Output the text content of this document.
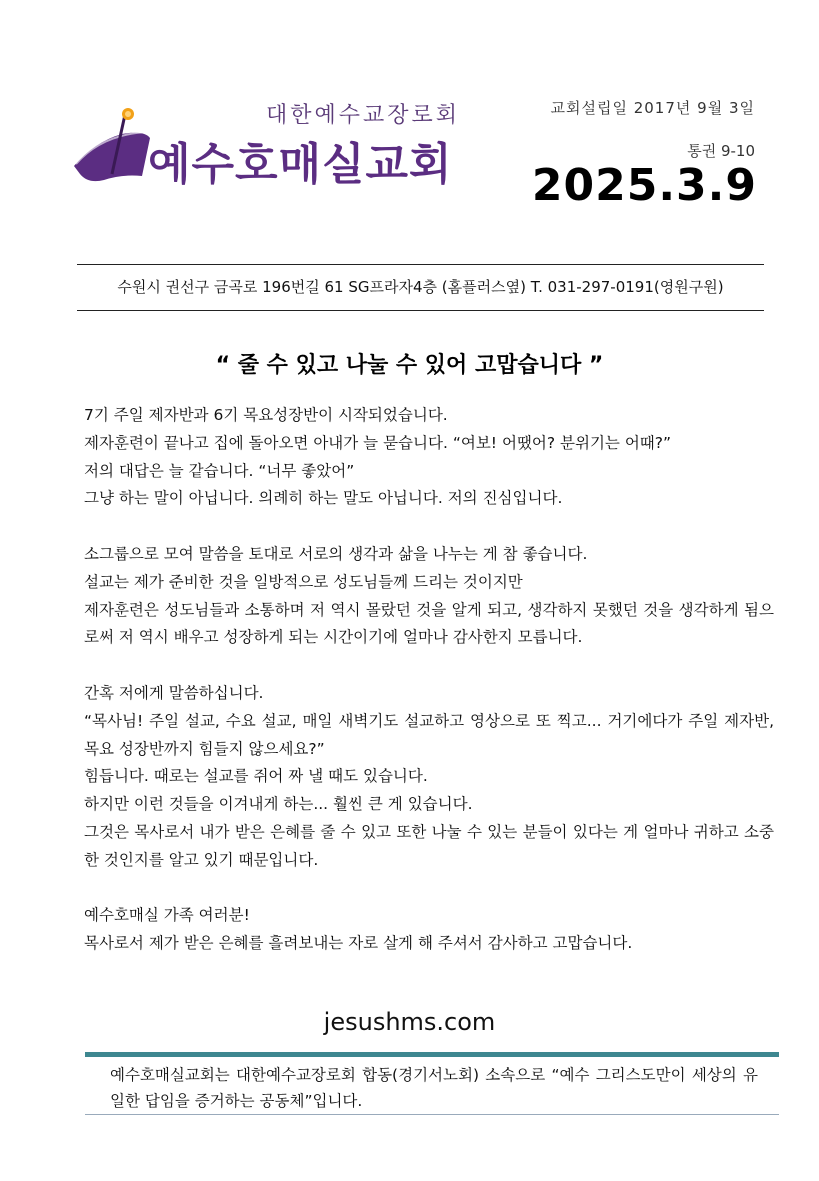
대한예수교장로회
예수호매실교회
교회설립일 2017년 9월 3일
통권 9-10
2025.3.9
수원시 권선구 금곡로 196번길 61 SG프라자4층 (홈플러스옆) T. 031-297-0191(영원구원)
“ 줄 수 있고 나눌 수 있어 고맙습니다 ”

7기 주일 제자반과 6기 목요성장반이 시작되었습니다.
제자훈련이 끝나고 집에 돌아오면 아내가 늘 묻습니다. “여보! 어땠어? 분위기는 어때?”
저의 대답은 늘 같습니다. “너무 좋았어”
그냥 하는 말이 아닙니다. 의례히 하는 말도 아닙니다. 저의 진심입니다.

소그룹으로 모여 말씀을 토대로 서로의 생각과 삶을 나누는 게 참 좋습니다.
설교는 제가 준비한 것을 일방적으로 성도님들께 드리는 것이지만
제자훈련은 성도님들과 소통하며 저 역시 몰랐던 것을 알게 되고, 생각하지 못했던 것을 생각하게 됨으로써 저 역시 배우고 성장하게 되는 시간이기에 얼마나 감사한지 모릅니다.

간혹 저에게 말씀하십니다.
“목사님! 주일 설교, 수요 설교, 매일 새벽기도 설교하고 영상으로 또 찍고... 거기에다가 주일 제자반, 목요 성장반까지 힘들지 않으세요?”
힘듭니다. 때로는 설교를 쥐어 짜 낼 때도 있습니다.
하지만 이런 것들을 이겨내게 하는... 훨씬 큰 게 있습니다.
그것은 목사로서 내가 받은 은혜를 줄 수 있고 또한 나눌 수 있는 분들이 있다는 게 얼마나 귀하고 소중한 것인지를 알고 있기 때문입니다.

예수호매실 가족 여러분!
목사로서 제가 받은 은혜를 흘려보내는 자로 살게 해 주셔서 감사하고 고맙습니다.

jesushms.com
예수호매실교회는 대한예수교장로회 합동(경기서노회) 소속으로 “예수 그리스도만이 세상의 유일한 답임을 증거하는 공동체”입니다.
